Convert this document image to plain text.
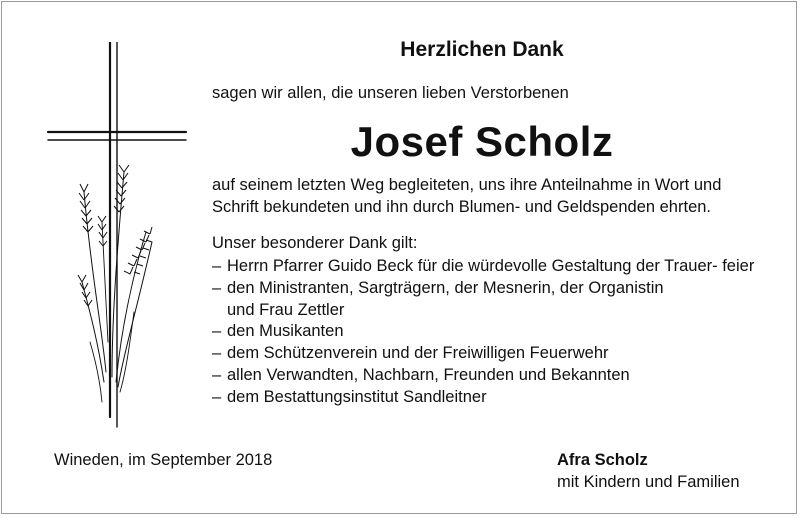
Herzlichen Dank
sagen wir allen, die unseren lieben Verstorbenen
Josef Scholz
auf seinem letzten Weg begleiteten, uns ihre Anteilnahme in Wort und
Schrift bekundeten und ihn durch Blumen- und Geldspenden ehrten.
Unser besonderer Dank gilt:
– Herrn Pfarrer Guido Beck für die würdevolle Gestaltung der Trauer- feier
– den Ministranten, Sargträgern, der Mesnerin, der Organistin und Frau Zettler
– den Musikanten
– dem Schützenverein und der Freiwilligen Feuerwehr
– allen Verwandten, Nachbarn, Freunden und Bekannten
– dem Bestattungsinstitut Sandleitner
Wineden, im September 2018	Afra Scholz
mit Kindern und Familien
